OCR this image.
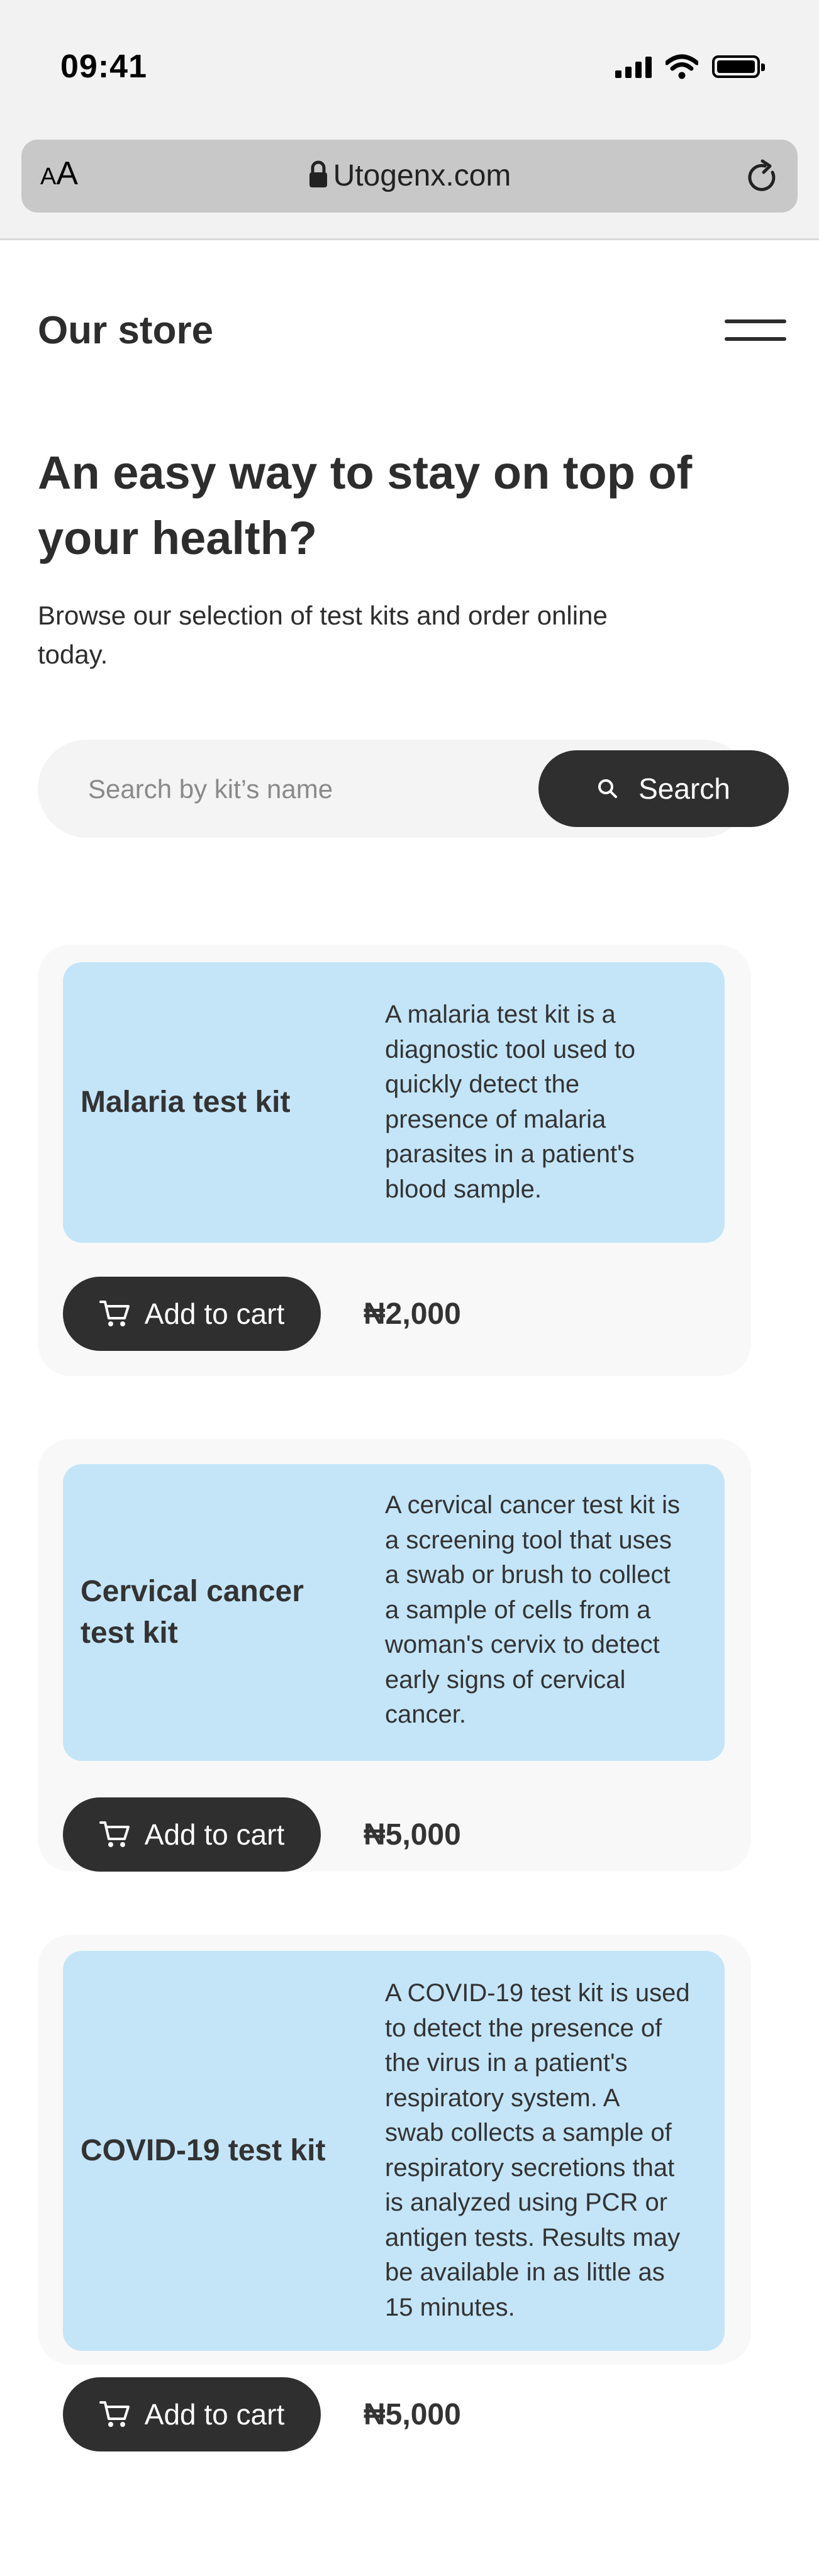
09:41
AA	Utogenx.com
Our store
An easy way to stay on top of
your health?
Browse our selection of test kits and order online
today.
Search by kit’s name
Search
Malaria test kit
A malaria test kit is a
diagnostic tool used to
quickly detect the
presence of malaria
parasites in a patient's
blood sample.
Add to cart	₦2,000
Cervical cancer
test kit
A cervical cancer test kit is
a screening tool that uses
a swab or brush to collect
a sample of cells from a
woman's cervix to detect
early signs of cervical
cancer.
Add to cart	₦5,000
COVID-19 test kit
A COVID-19 test kit is used
to detect the presence of
the virus in a patient's
respiratory system. A
swab collects a sample of
respiratory secretions that
is analyzed using PCR or
antigen tests. Results may
be available in as little as
15 minutes.
Add to cart	₦5,000
